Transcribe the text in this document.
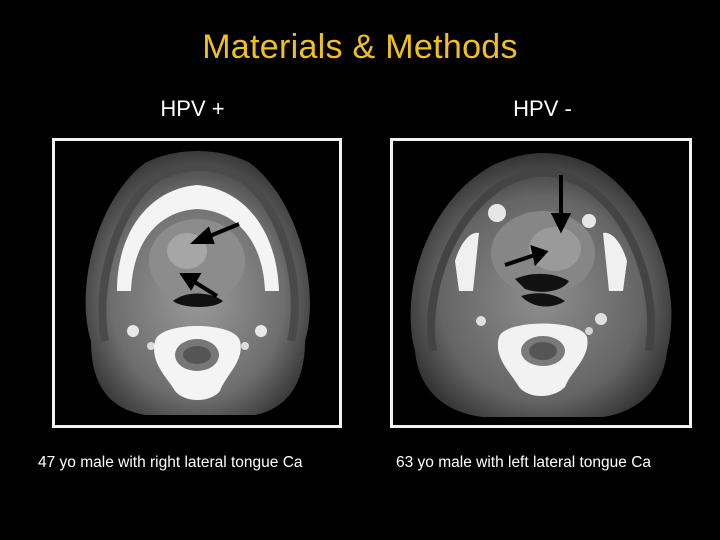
Materials & Methods
HPV +
47 yo male with right lateral tongue Ca
HPV -
63 yo male with left lateral tongue Ca
